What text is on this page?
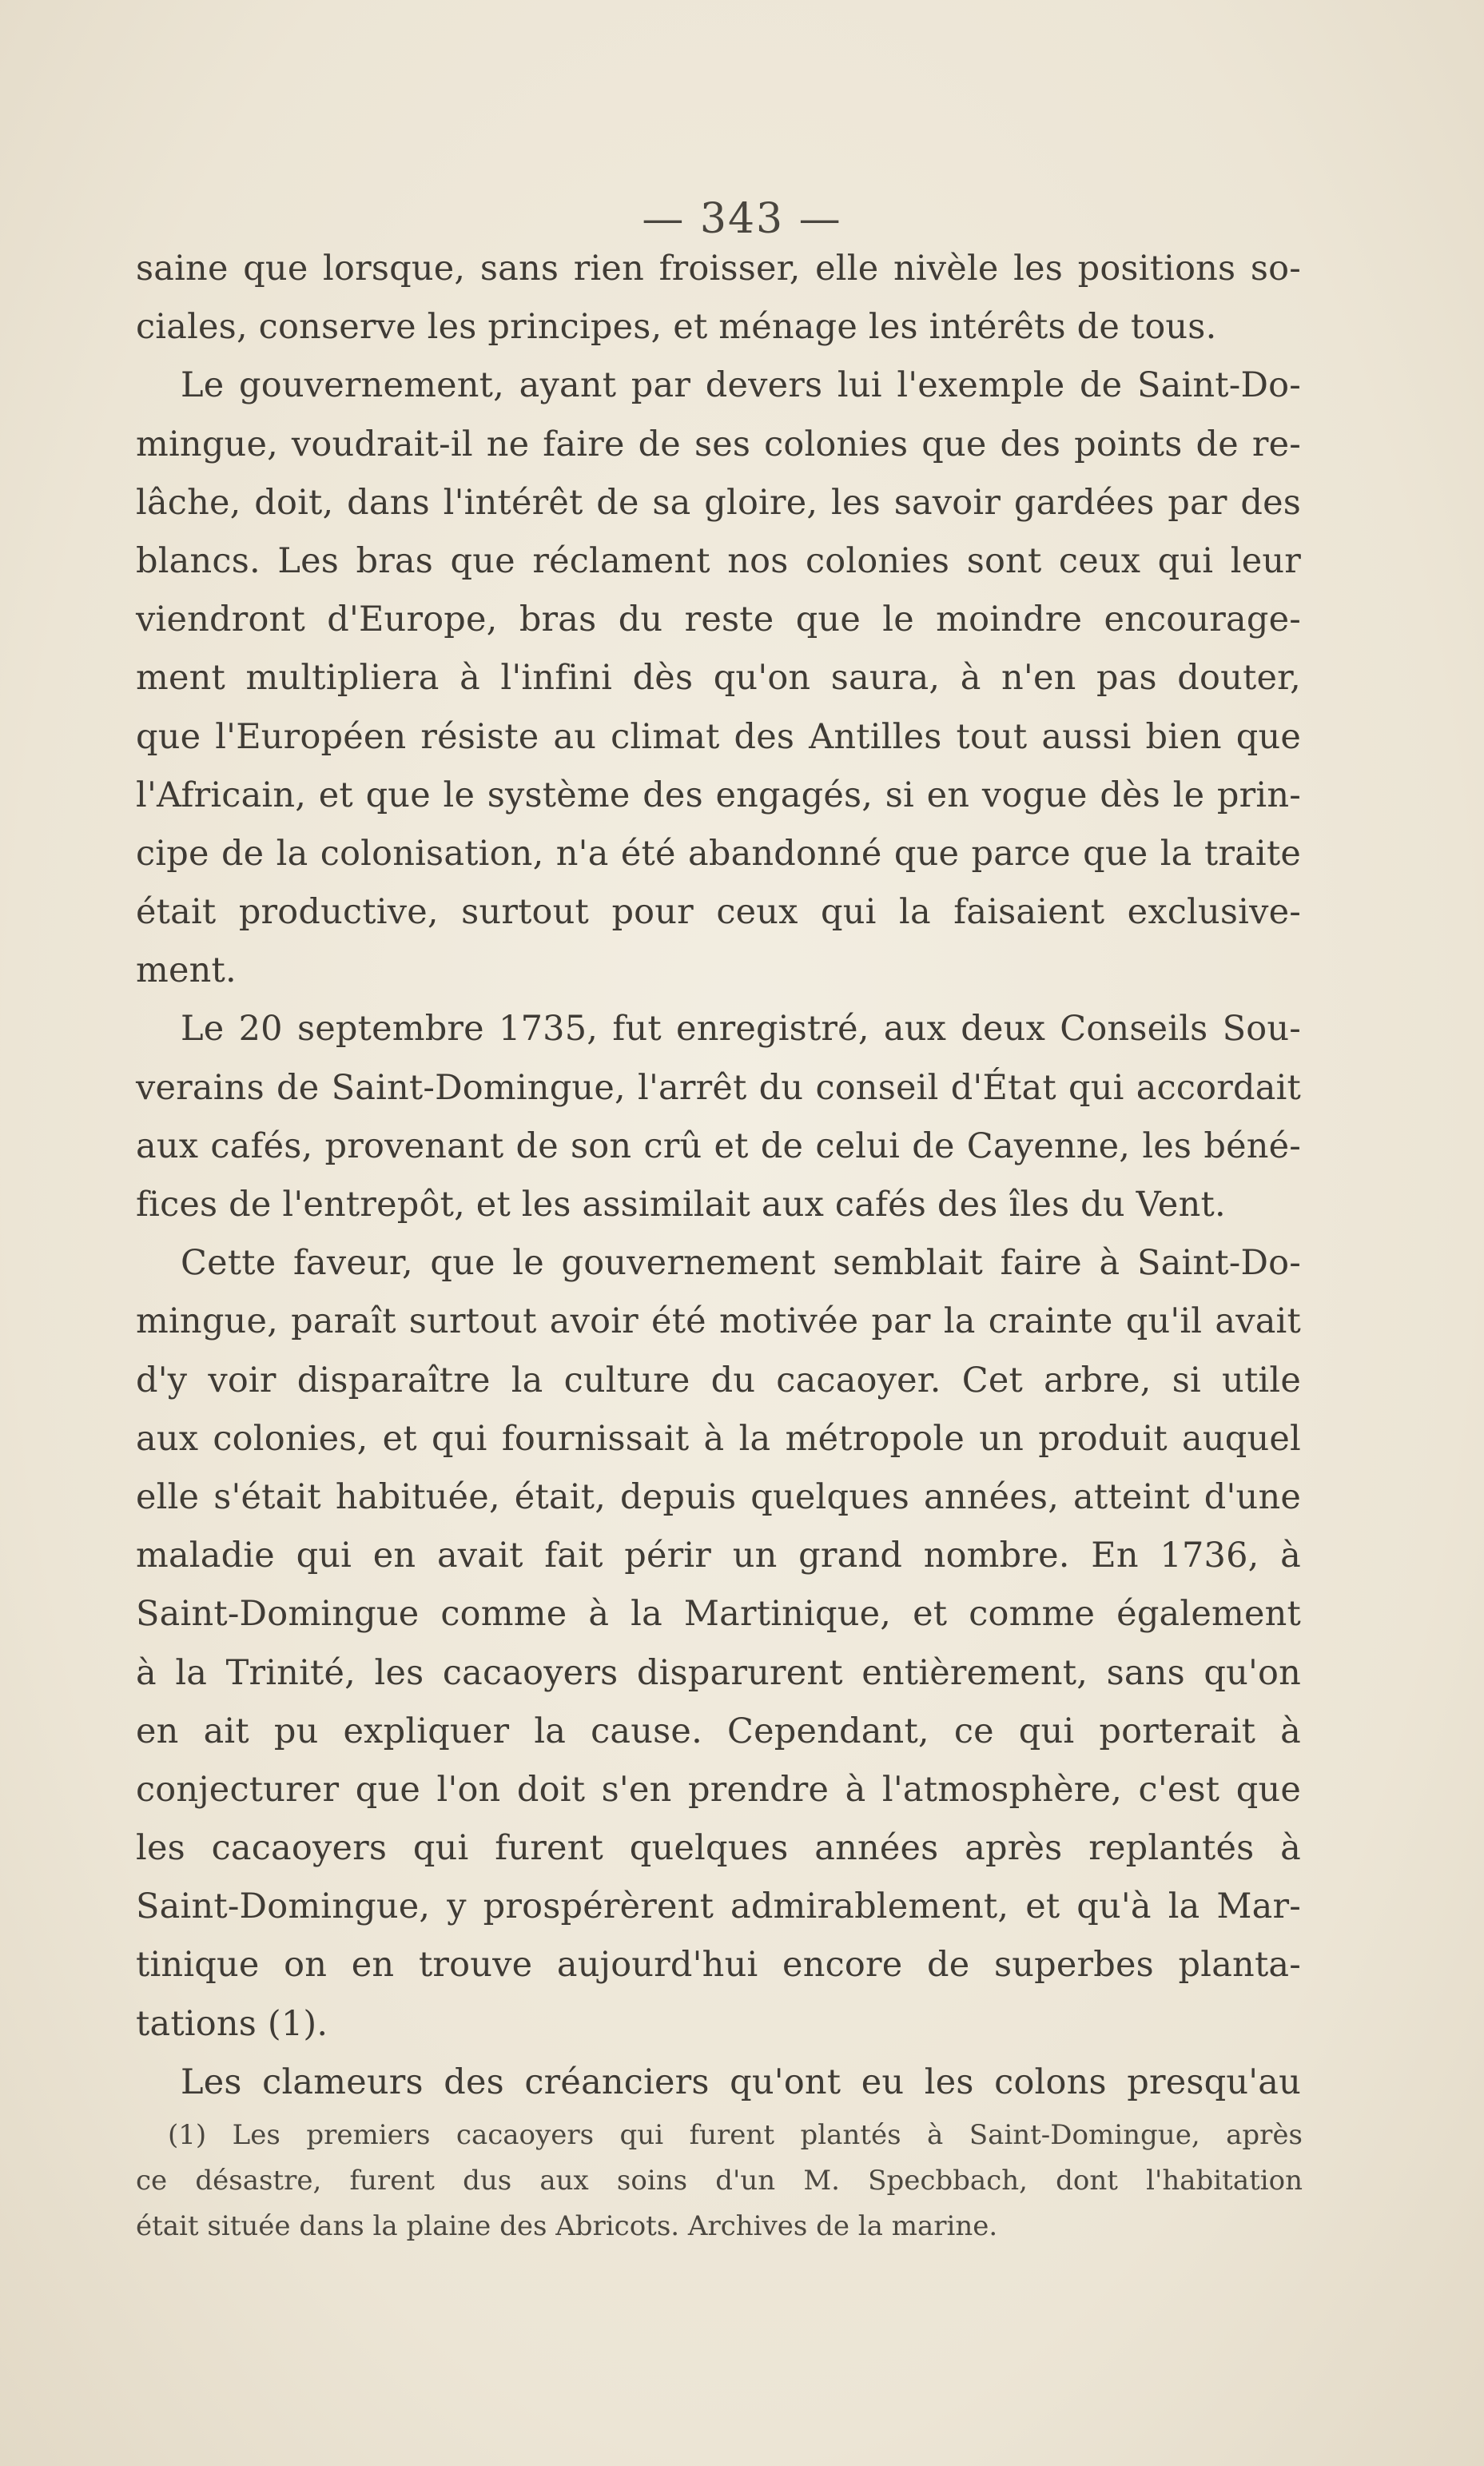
— 343 —
saine que lorsque, sans rien froisser, elle nivèle les positions so-
ciales, conserve les principes, et ménage les intérêts de tous.
Le gouvernement, ayant par devers lui l'exemple de Saint-Do-
mingue, voudrait-il ne faire de ses colonies que des points de re-
lâche, doit, dans l'intérêt de sa gloire, les savoir gardées par des
blancs. Les bras que réclament nos colonies sont ceux qui leur
viendront d'Europe, bras du reste que le moindre encourage-
ment multipliera à l'infini dès qu'on saura, à n'en pas douter,
que l'Européen résiste au climat des Antilles tout aussi bien que
l'Africain, et que le système des engagés, si en vogue dès le prin-
cipe de la colonisation, n'a été abandonné que parce que la traite
était productive, surtout pour ceux qui la faisaient exclusive-
ment.
Le 20 septembre 1735, fut enregistré, aux deux Conseils Sou-
verains de Saint-Domingue, l'arrêt du conseil d'État qui accordait
aux cafés, provenant de son crû et de celui de Cayenne, les béné-
fices de l'entrepôt, et les assimilait aux cafés des îles du Vent.
Cette faveur, que le gouvernement semblait faire à Saint-Do-
mingue, paraît surtout avoir été motivée par la crainte qu'il avait
d'y voir disparaître la culture du cacaoyer. Cet arbre, si utile
aux colonies, et qui fournissait à la métropole un produit auquel
elle s'était habituée, était, depuis quelques années, atteint d'une
maladie qui en avait fait périr un grand nombre. En 1736, à
Saint-Domingue comme à la Martinique, et comme également
à la Trinité, les cacaoyers disparurent entièrement, sans qu'on
en ait pu expliquer la cause. Cependant, ce qui porterait à
conjecturer que l'on doit s'en prendre à l'atmosphère, c'est que
les cacaoyers qui furent quelques années après replantés à
Saint-Domingue, y prospérèrent admirablement, et qu'à la Mar-
tinique on en trouve aujourd'hui encore de superbes planta-
tations (1).
Les clameurs des créanciers qu'ont eu les colons presqu'au
(1) Les premiers cacaoyers qui furent plantés à Saint-Domingue, après
ce désastre, furent dus aux soins d'un M. Specbbach, dont l'habitation
était située dans la plaine des Abricots. Archives de la marine.
